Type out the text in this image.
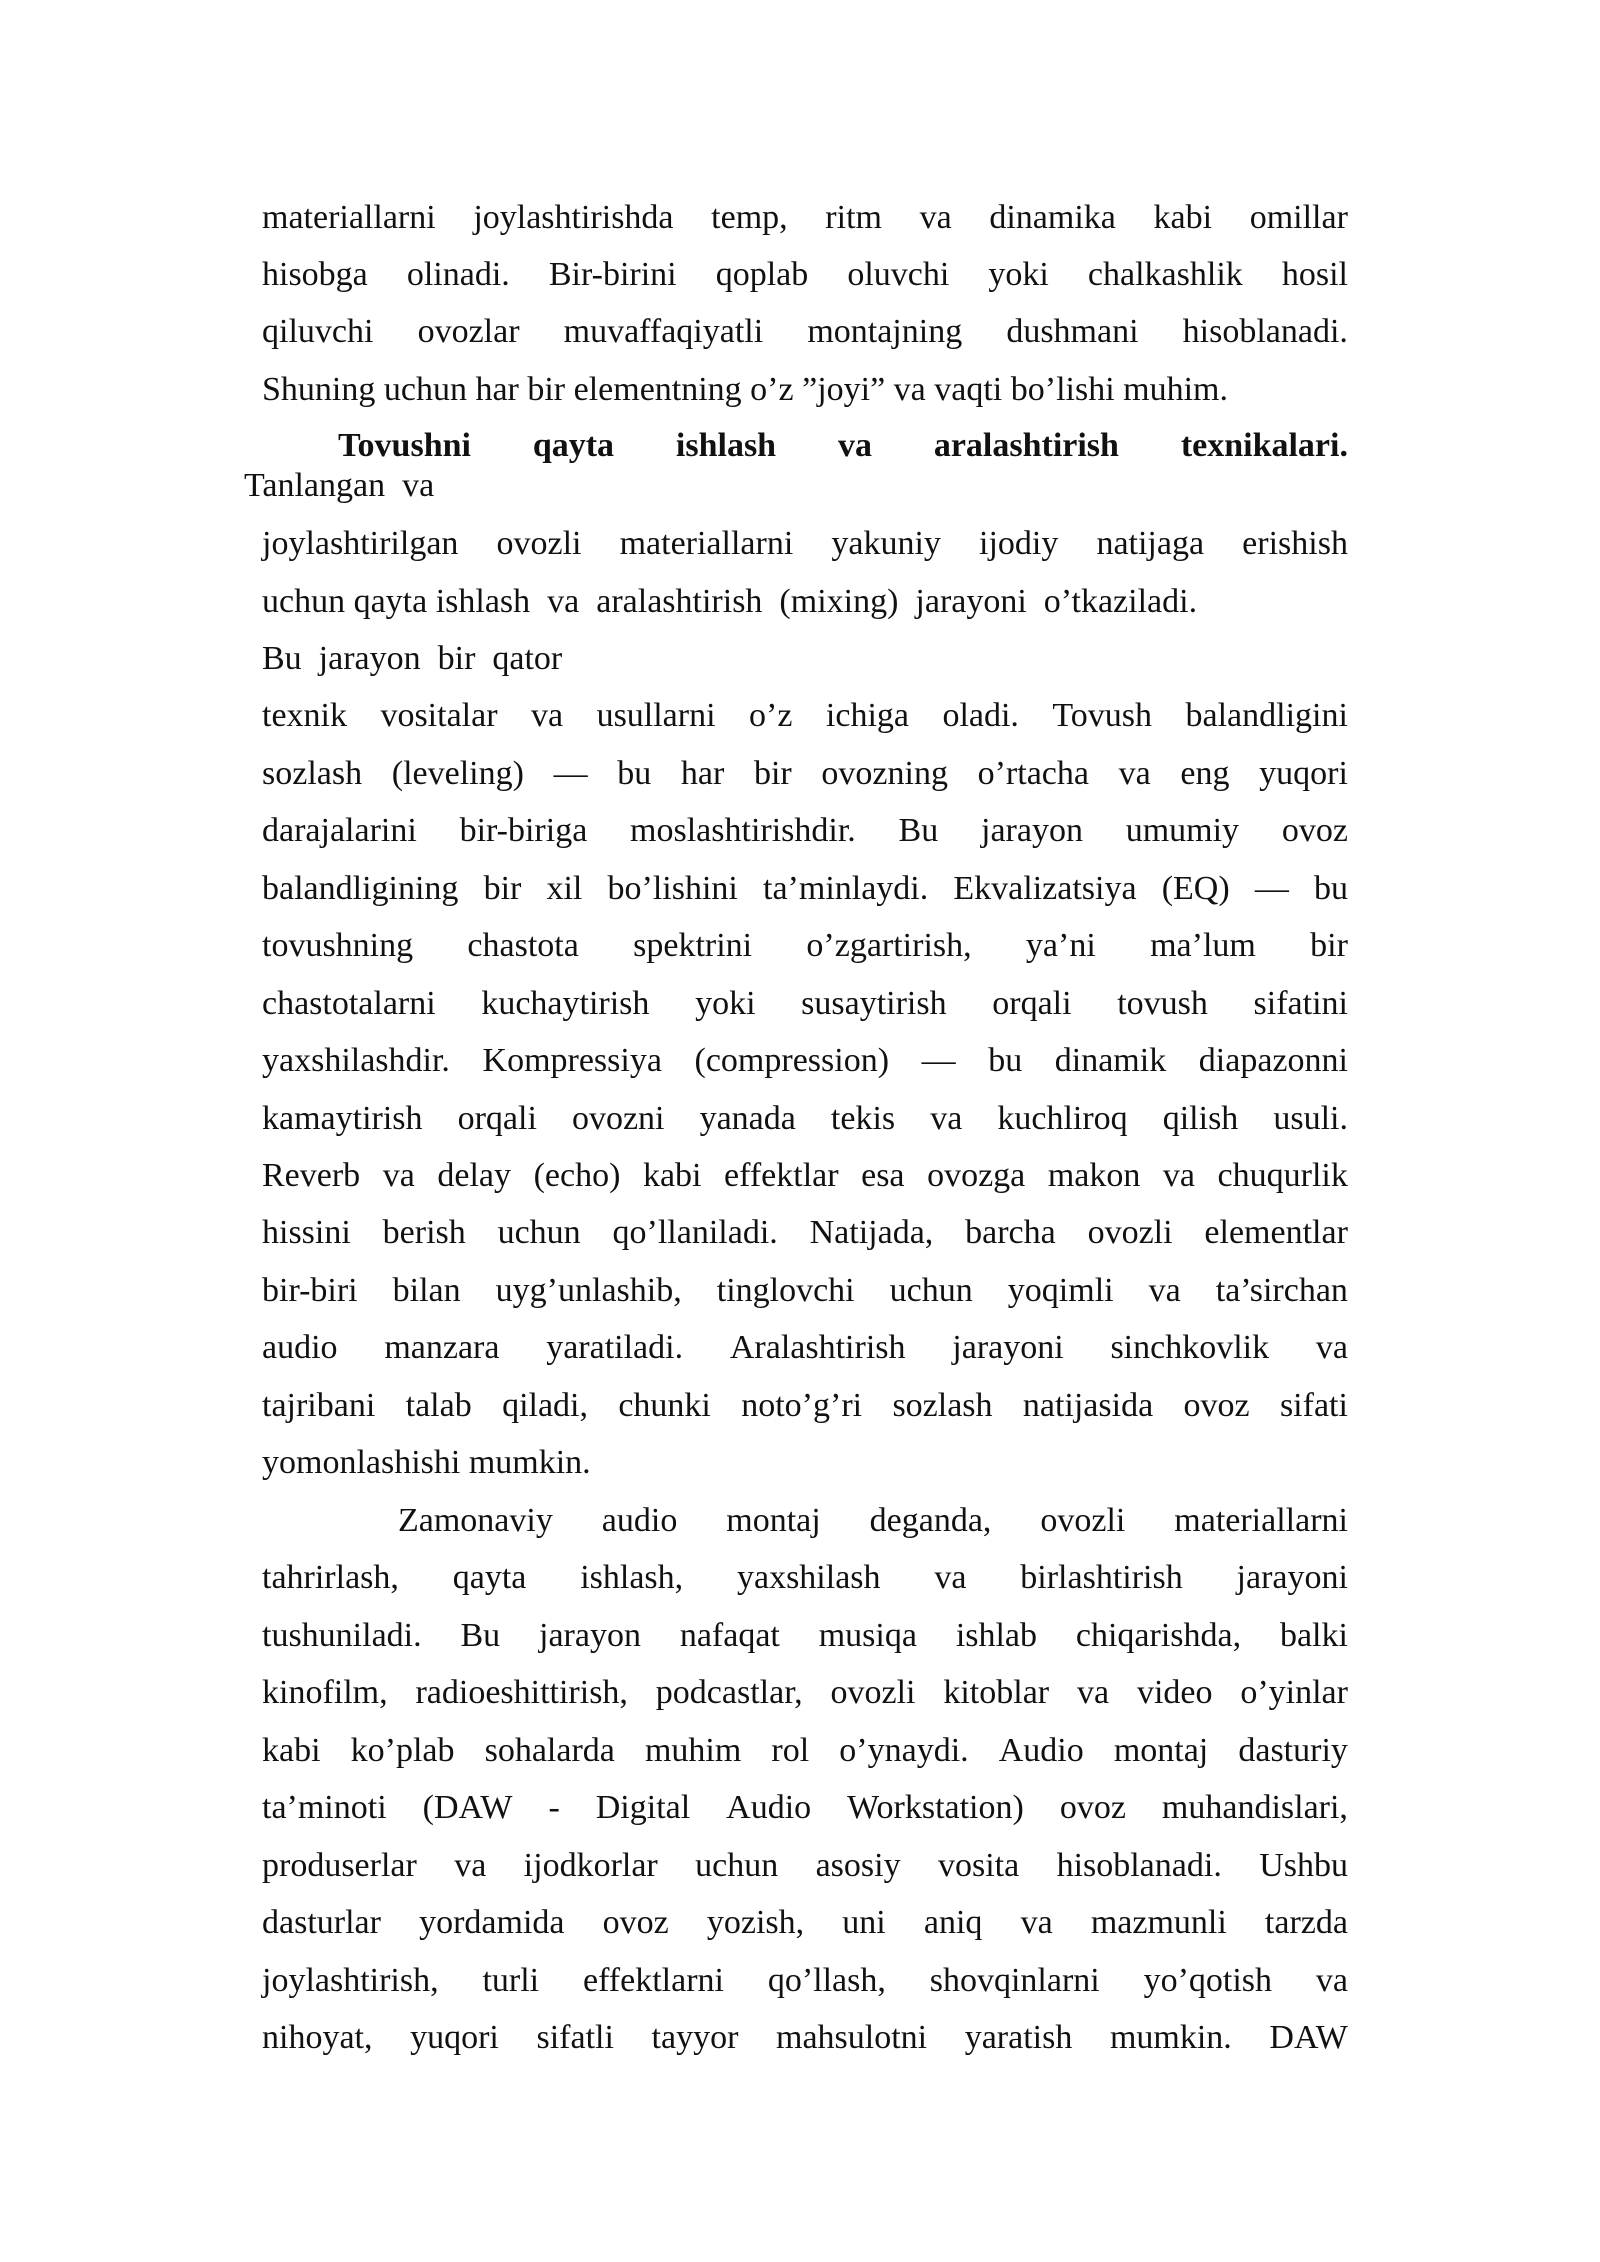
materiallarni joylashtirishda temp, ritm va dinamika kabi omillar
hisobga olinadi. Bir-birini qoplab oluvchi yoki chalkashlik hosil
qiluvchi ovozlar muvaffaqiyatli montajning dushmani hisoblanadi.
Shuning uchun har bir elementning o’z ”joyi” va vaqti bo’lishi muhim.
Tovushni qayta ishlash va aralashtirish texnikalari.
Tanlangan  va
joylashtirilgan ovozli materiallarni yakuniy ijodiy natijaga erishish
uchun qayta ishlash  va  aralashtirish  (mixing)  jarayoni  o’tkaziladi.
Bu  jarayon  bir  qator
texnik vositalar va usullarni o’z ichiga oladi. Tovush balandligini
sozlash (leveling) — bu har bir ovozning o’rtacha va eng yuqori
darajalarini bir-biriga moslashtirishdir. Bu jarayon umumiy ovoz
balandligining bir xil bo’lishini ta’minlaydi. Ekvalizatsiya (EQ) — bu
tovushning chastota spektrini o’zgartirish, ya’ni ma’lum bir
chastotalarni kuchaytirish yoki susaytirish orqali tovush sifatini
yaxshilashdir. Kompressiya (compression) — bu dinamik diapazonni
kamaytirish orqali ovozni yanada tekis va kuchliroq qilish usuli.
Reverb va delay (echo) kabi effektlar esa ovozga makon va chuqurlik
hissini berish uchun qo’llaniladi. Natijada, barcha ovozli elementlar
bir-biri bilan uyg’unlashib, tinglovchi uchun yoqimli va ta’sirchan
audio manzara yaratiladi. Aralashtirish jarayoni sinchkovlik va
tajribani talab qiladi, chunki noto’g’ri sozlash natijasida ovoz sifati
yomonlashishi mumkin.
Zamonaviy audio montaj deganda, ovozli materiallarni
tahrirlash, qayta ishlash, yaxshilash va birlashtirish jarayoni
tushuniladi. Bu jarayon nafaqat musiqa ishlab chiqarishda, balki
kinofilm, radioeshittirish, podcastlar, ovozli kitoblar va video o’yinlar
kabi ko’plab sohalarda muhim rol o’ynaydi. Audio montaj dasturiy
ta’minoti (DAW - Digital Audio Workstation) ovoz muhandislari,
produserlar va ijodkorlar uchun asosiy vosita hisoblanadi. Ushbu
dasturlar yordamida ovoz yozish, uni aniq va mazmunli tarzda
joylashtirish, turli effektlarni qo’llash, shovqinlarni yo’qotish va
nihoyat, yuqori sifatli tayyor mahsulotni yaratish mumkin. DAW
